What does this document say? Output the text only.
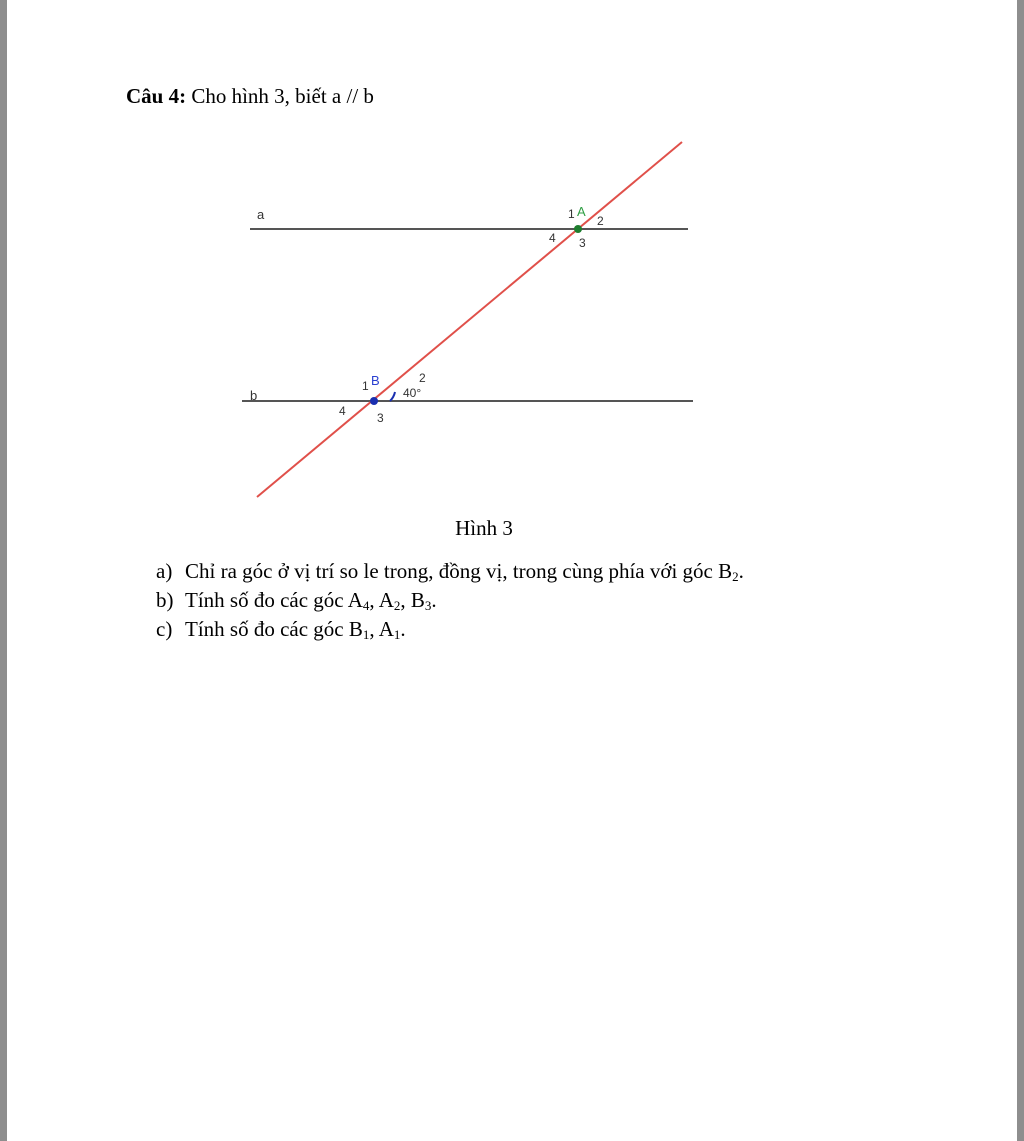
Câu 4: Cho hình 3, biết a // b
a
b
A
1 2
3
4
B
1
2
3
4
40°
Hình 3
a) Chỉ ra góc ở vị trí so le trong, đồng vị, trong cùng phía với góc $B_2$.
b) Tính số đo các góc $A_4$, $A_2$, $B_3$.
c) Tính số đo các góc $B_1$, $A_1$.
